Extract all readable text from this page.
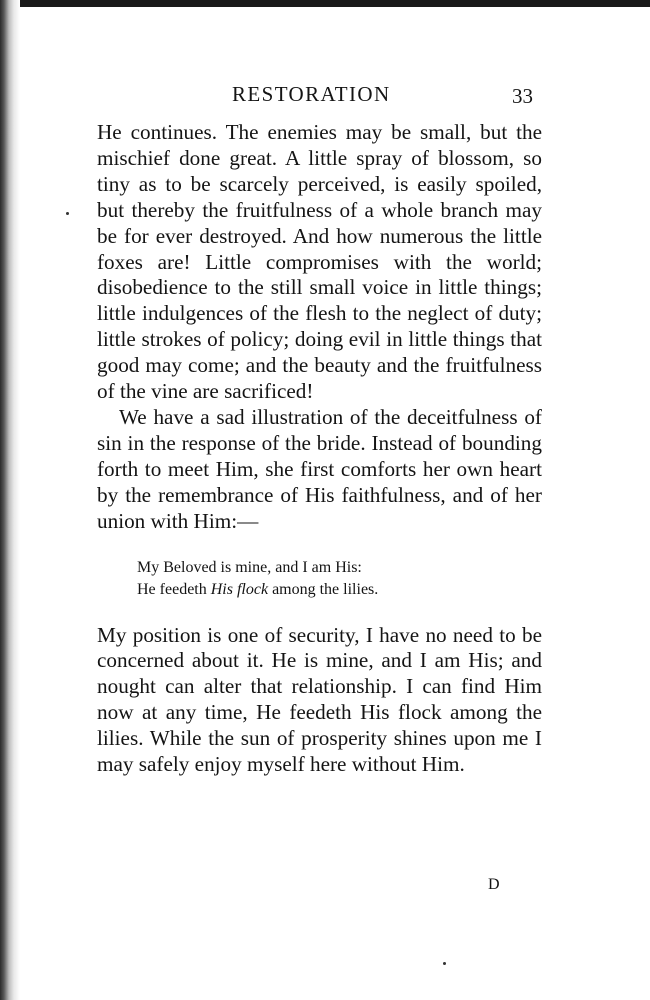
RESTORATION	33

He continues. The enemies may be small, but the mischief done great. A little spray of blossom, so tiny as to be scarcely perceived, is easily spoiled, but thereby the fruitfulness of a whole branch may be for ever destroyed. And how numerous the little foxes are! Little compromises with the world; disobedience to the still small voice in little things; little indulgences of the flesh to the neglect of duty; little strokes of policy; doing evil in little things that good may come; and the beauty and the fruitfulness of the vine are sacrificed!

We have a sad illustration of the deceitfulness of sin in the response of the bride. Instead of bounding forth to meet Him, she first comforts her own heart by the remembrance of His faithfulness, and of her union with Him:—

My Beloved is mine, and I am His:
He feedeth His flock among the lilies.

My position is one of security, I have no need to be concerned about it. He is mine, and I am His; and nought can alter that relationship. I can find Him now at any time, He feedeth His flock among the lilies. While the sun of prosperity shines upon me I may safely enjoy myself here without Him.

D
